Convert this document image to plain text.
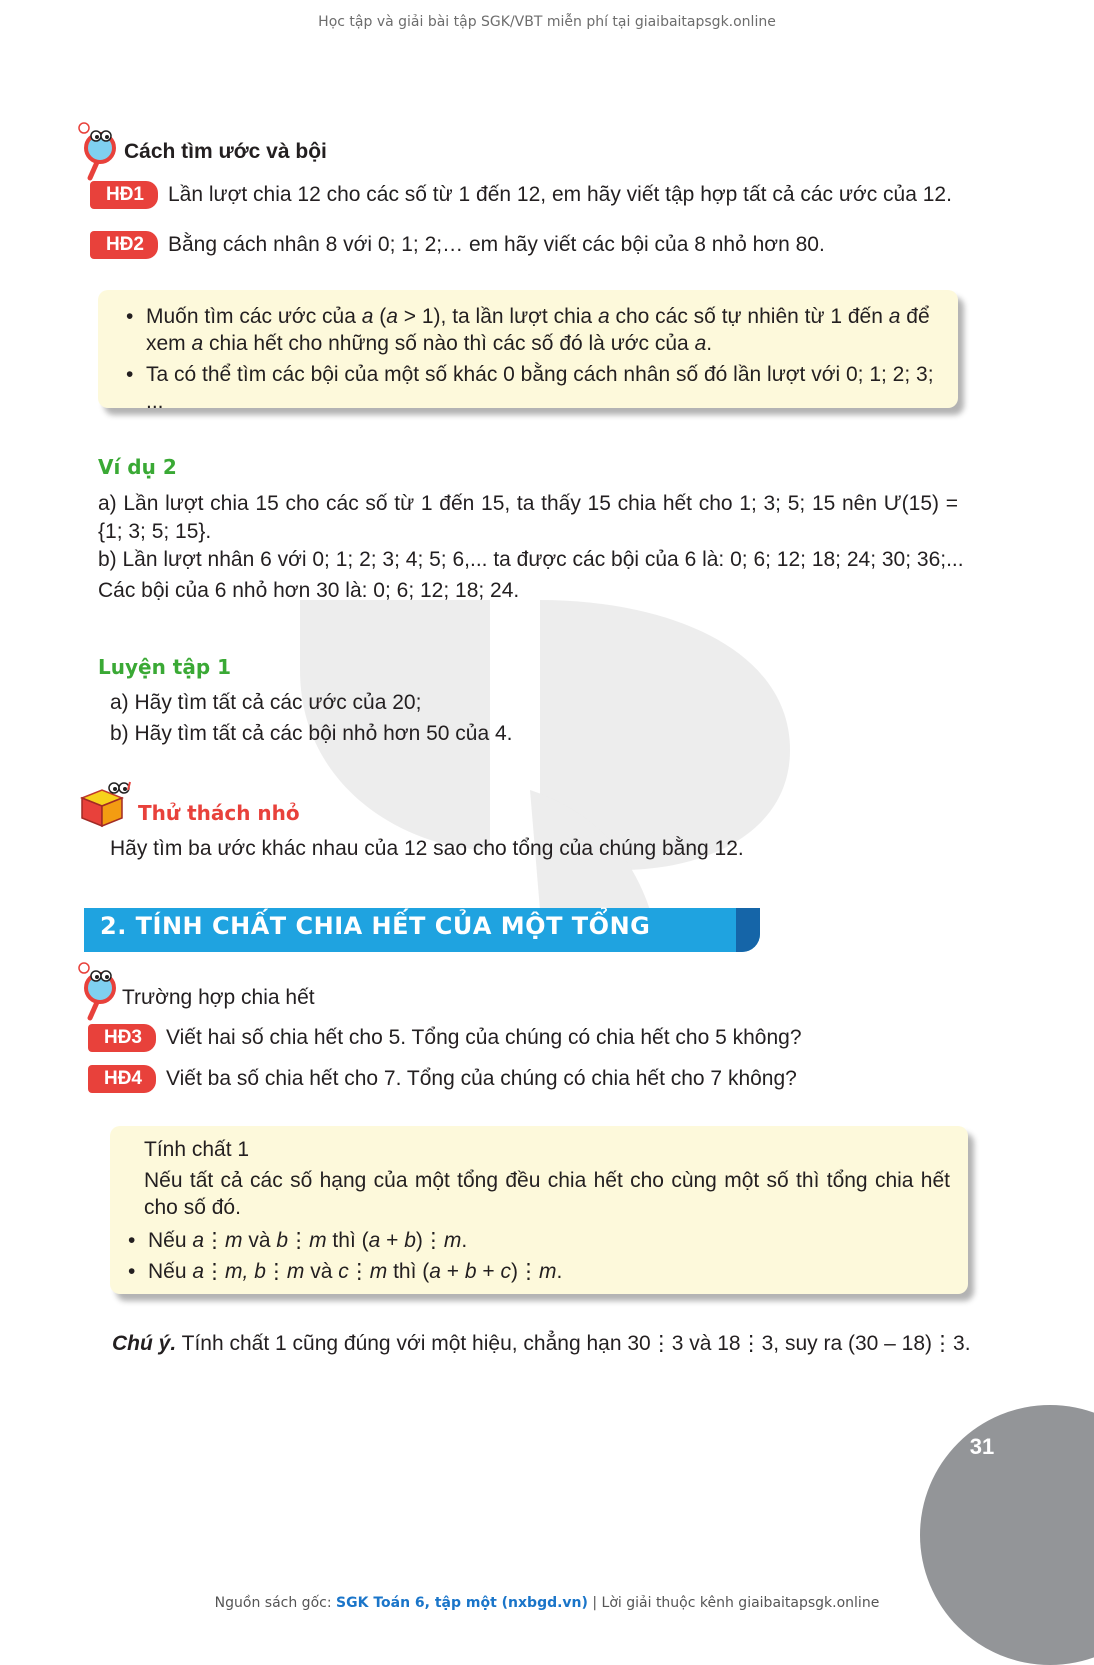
Học tập và giải bài tập SGK/VBT miễn phí tại giaibaitapsgk.online
Cách tìm ước và bội
HĐ1	Lần lượt chia 12 cho các số từ 1 đến 12, em hãy viết tập hợp tất cả các ước của 12.
HĐ2	Bằng cách nhân 8 với 0; 1; 2;… em hãy viết các bội của 8 nhỏ hơn 80.

• Muốn tìm các ước của a (a > 1), ta lần lượt chia a cho các số tự nhiên từ 1 đến a để xem a chia hết cho những số nào thì các số đó là ước của a.

• Ta có thể tìm các bội của một số khác 0 bằng cách nhân số đó lần lượt với 0; 1; 2; 3; ...

Ví dụ 2
a) Lần lượt chia 15 cho các số từ 1 đến 15, ta thấy 15 chia hết cho 1; 3; 5; 15 nên Ư(15) = {1; 3; 5; 15}.
b) Lần lượt nhân 6 với 0; 1; 2; 3; 4; 5; 6,... ta được các bội của 6 là: 0; 6; 12; 18; 24; 30; 36;...
Các bội của 6 nhỏ hơn 30 là: 0; 6; 12; 18; 24.
Luyện tập 1
a) Hãy tìm tất cả các ước của 20;
b) Hãy tìm tất cả các bội nhỏ hơn 50 của 4.
Thử thách nhỏ
Hãy tìm ba ước khác nhau của 12 sao cho tổng của chúng bằng 12.
2. TÍNH CHẤT CHIA HẾT CỦA MỘT TỔNG
Trường hợp chia hết
HĐ3	Viết hai số chia hết cho 5. Tổng của chúng có chia hết cho 5 không?
HĐ4	Viết ba số chia hết cho 7. Tổng của chúng có chia hết cho 7 không?

Tính chất 1

Nếu tất cả các số hạng của một tổng đều chia hết cho cùng một số thì tổng chia hết cho số đó.

• Nếu a⋮m và b⋮m thì (a + b)⋮m.

• Nếu a⋮m, b⋮m và c⋮m thì (a + b + c)⋮m.

Chú ý. Tính chất 1 cũng đúng với một hiệu, chẳng hạn 30⋮3 và 18⋮3, suy ra (30 – 18)⋮3.
31
Nguồn sách gốc: SGK Toán 6, tập một (nxbgd.vn) | Lời giải thuộc kênh giaibaitapsgk.online
